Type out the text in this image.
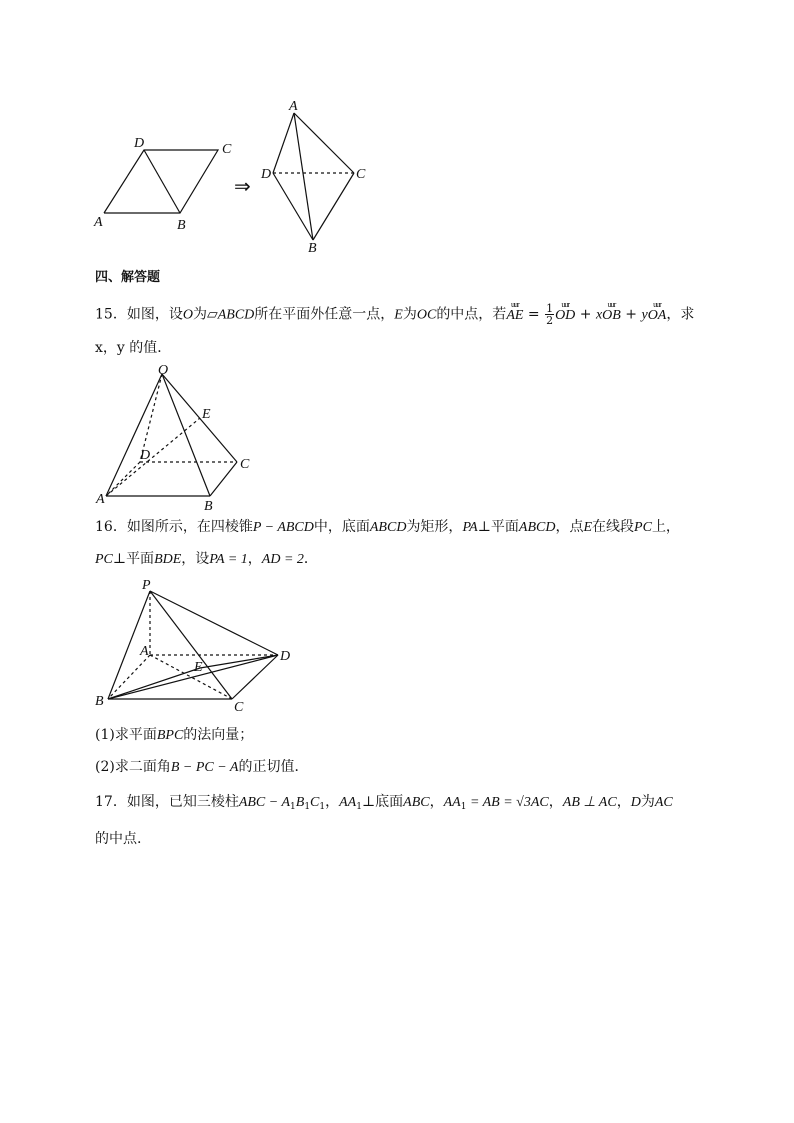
A	B
C
D
⇒
A
D	C
B
四、解答题
15．如图，设O为▱ABCD所在平面外任意一点，E为OC的中点，若uur AE = $\frac{1}{2}$
uur OD + xuur OB + yuur OA，求
x，y 的值．
O
E
D
C
A	B
16．如图所示，在四棱锥P − ABCD中，底面ABCD为矩形，PA⊥平面ABCD，点E在线段PC上，
PC⊥平面BDE，设PA = 1，AD = 2．
P
A	D
E
B	C
(1)求平面BPC的法向量；
(2)求二面角B − PC − A的正切值．
17．如图，已知三棱柱ABC − $A_1B_1C_1$，$AA_1\perp$底面ABC，$AA_1$ = AB = √3AC，AB ⊥ AC，D为AC
的中点.
